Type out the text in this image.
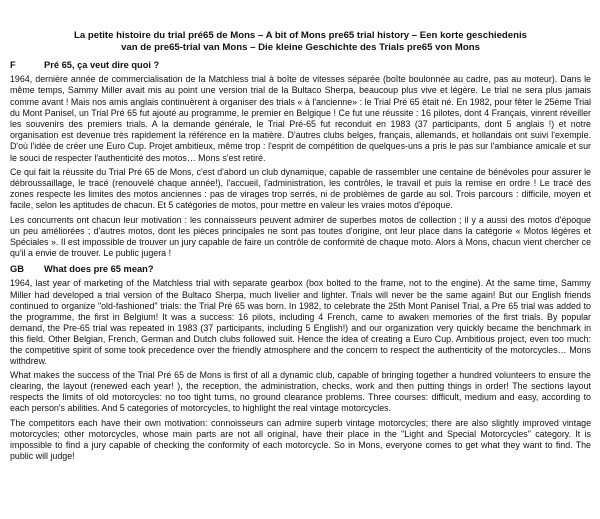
La petite histoire du trial pré65 de Mons – A bit of Mons pre65 trial history – Een korte geschiedenis
van de pre65-trial van Mons – Die kleine Geschichte des Trials pre65 von Mons
F	Pré 65, ça veut dire quoi ?

1964, dernière année de commercialisation de la Matchless trial à boîte de vitesses séparée (boîte boulonnée au cadre, pas au moteur). Dans le même temps, Sammy Miller avait mis au point une version trial de la Bultaco Sherpa, beaucoup plus vive et légère. Le trial ne sera plus jamais comme avant ! Mais nos amis anglais continuèrent à organiser des trials « à l'ancienne» : le Trial Pré 65 était né. En 1982, pour fêter le 25ème Trial du Mont Panisel, un Trial Pré 65 fut ajouté au programme, le premier en Belgique ! Ce fut une réussite : 16 pilotes, dont 4 Français, vinrent réveiller les souvenirs des premiers trials. A la demande générale, le Trial Pré-65 fut reconduit en 1983 (37 participants, dont 5 anglais !) et notre organisation est devenue très rapidement la référence en la matière. D'autres clubs belges, français, allemands, et hollandais ont suivi l'exemple. D'où l'idée de créer une Euro Cup. Projet ambitieux, même trop : l'esprit de compétition de quelques-uns a pris le pas sur l'ambiance amicale et sur le souci de respecter l'authenticité des motos… Mons s'est retiré.

Ce qui fait la réussite du Trial Pré 65 de Mons, c'est d'abord un club dynamique, capable de rassembler une centaine de bénévoles pour assurer le débroussaillage, le tracé (renouvelé chaque année!), l'accueil, l'administration, les contrôles, le travail et puis la remise en ordre ! Le tracé des zones respecte les limites des motos anciennes : pas de virages trop serrés, ni de problèmes de garde au sol. Trois parcours : difficile, moyen et facile, selon les aptitudes de chacun. Et 5 catégories de motos, pour mettre en valeur les vraies motos d'époque.

Les concurrents ont chacun leur motivation : les connaisseurs peuvent admirer de superbes motos de collection ; il y a aussi des motos d'époque un peu améliorées ; d'autres motos, dont les pièces principales ne sont pas toutes d'origine, ont leur place dans la catégorie « Motos légères et Spéciales ». Il est impossible de trouver un jury capable de faire un contrôle de conformité de chaque moto. Alors à Mons, chacun vient chercher ce qu'il a envie de trouver. Le public jugera !

GB	What does pre 65 mean?

1964, last year of marketing of the Matchless trial with separate gearbox (box bolted to the frame, not to the engine). At the same time, Sammy Miller had developed a trial version of the Bultaco Sherpa, much livelier and lighter. Trials will never be the same again! But our English friends continued to organize "old-fashioned" trials: the Trial Pré 65 was born. In 1982, to celebrate the 25th Mont Panisel Trial, a Pre 65 trial was added to the programme, the first in Belgium! It was a success: 16 pilots, including 4 French, came to awaken memories of the first trials. By popular demand, the Pre-65 trial was repeated in 1983 (37 participants, including 5 English!) and our organization very quickly became the benchmark in this field. Other Belgian, French, German and Dutch clubs followed suit. Hence the idea of creating a Euro Cup. Ambitious project, even too much: the competitive spirit of some took precedence over the friendly atmosphere and the concern to respect the authenticity of the motorcycles… Mons withdrew.

What makes the success of the Trial Pré 65 de Mons is first of all a dynamic club, capable of bringing together a hundred volunteers to ensure the clearing, the layout (renewed each year! ), the reception, the administration, checks, work and then putting things in order! The sections layout respects the limits of old motorcycles: no too tight turns, no ground clearance problems. Three courses: difficult, medium and easy, according to each person's abilities. And 5 categories of motorcycles, to highlight the real vintage motorcycles.

The competitors each have their own motivation: connoisseurs can admire superb vintage motorcycles; there are also slightly improved vintage motorcycles; other motorcycles, whose main parts are not all original, have their place in the "Light and Special Motorcycles" category. It is impossible to find a jury capable of checking the conformity of each motorcycle. So in Mons, everyone comes to get what they want to find. The public will judge!
